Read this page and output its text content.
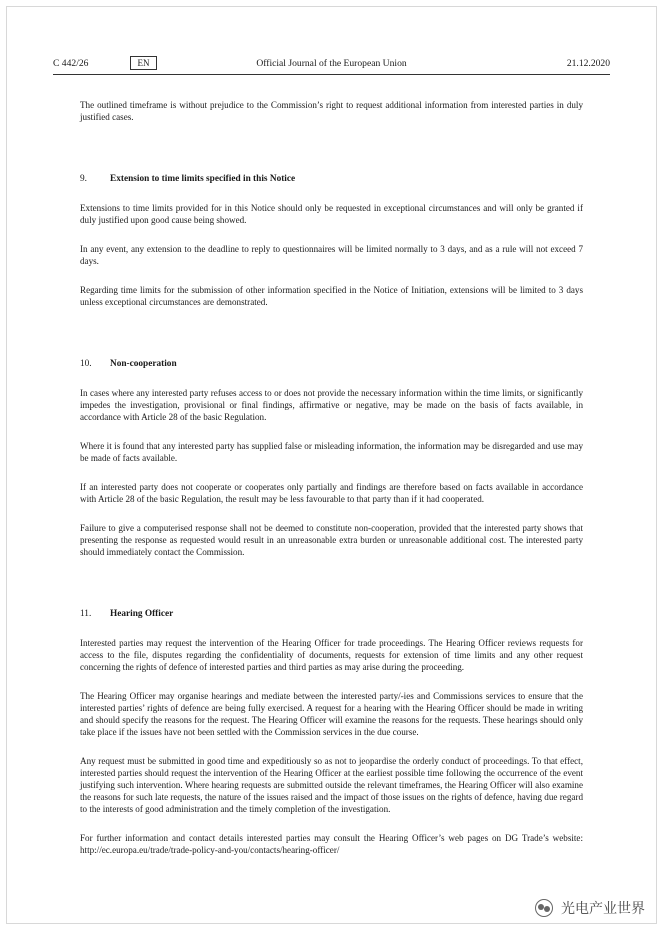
C 442/26	EN	Official Journal of the European Union	21.12.2020

The outlined timeframe is without prejudice to the Commission’s right to request additional information from interested parties in duly justified cases.

9.	Extension to time limits specified in this Notice

Extensions to time limits provided for in this Notice should only be requested in exceptional circumstances and will only be granted if duly justified upon good cause being showed.

In any event, any extension to the deadline to reply to questionnaires will be limited normally to 3 days, and as a rule will not exceed 7 days.

Regarding time limits for the submission of other information specified in the Notice of Initiation, extensions will be limited to 3 days unless exceptional circumstances are demonstrated.

10.	Non-cooperation

In cases where any interested party refuses access to or does not provide the necessary information within the time limits, or significantly impedes the investigation, provisional or final findings, affirmative or negative, may be made on the basis of facts available, in accordance with Article 28 of the basic Regulation.

Where it is found that any interested party has supplied false or misleading information, the information may be disregarded and use may be made of facts available.

If an interested party does not cooperate or cooperates only partially and findings are therefore based on facts available in accordance with Article 28 of the basic Regulation, the result may be less favourable to that party than if it had cooperated.

Failure to give a computerised response shall not be deemed to constitute non-cooperation, provided that the interested party shows that presenting the response as requested would result in an unreasonable extra burden or unreasonable additional cost. The interested party should immediately contact the Commission.

11.	Hearing Officer

Interested parties may request the intervention of the Hearing Officer for trade proceedings. The Hearing Officer reviews requests for access to the file, disputes regarding the confidentiality of documents, requests for extension of time limits and any other request concerning the rights of defence of interested parties and third parties as may arise during the proceeding.

The Hearing Officer may organise hearings and mediate between the interested party/-ies and Commissions services to ensure that the interested parties’ rights of defence are being fully exercised. A request for a hearing with the Hearing Officer should be made in writing and should specify the reasons for the request. The Hearing Officer will examine the reasons for the requests. These hearings should only take place if the issues have not been settled with the Commission services in the due course.

Any request must be submitted in good time and expeditiously so as not to jeopardise the orderly conduct of proceedings. To that effect, interested parties should request the intervention of the Hearing Officer at the earliest possible time following the occurrence of the event justifying such intervention. Where hearing requests are submitted outside the relevant timeframes, the Hearing Officer will also examine the reasons for such late requests, the nature of the issues raised and the impact of those issues on the rights of defence, having due regard to the interests of good administration and the timely completion of the investigation.

For further information and contact details interested parties may consult the Hearing Officer’s web pages on DG Trade’s website: http://ec.europa.eu/trade/trade-policy-and-you/contacts/hearing-officer/

光电产业世界
